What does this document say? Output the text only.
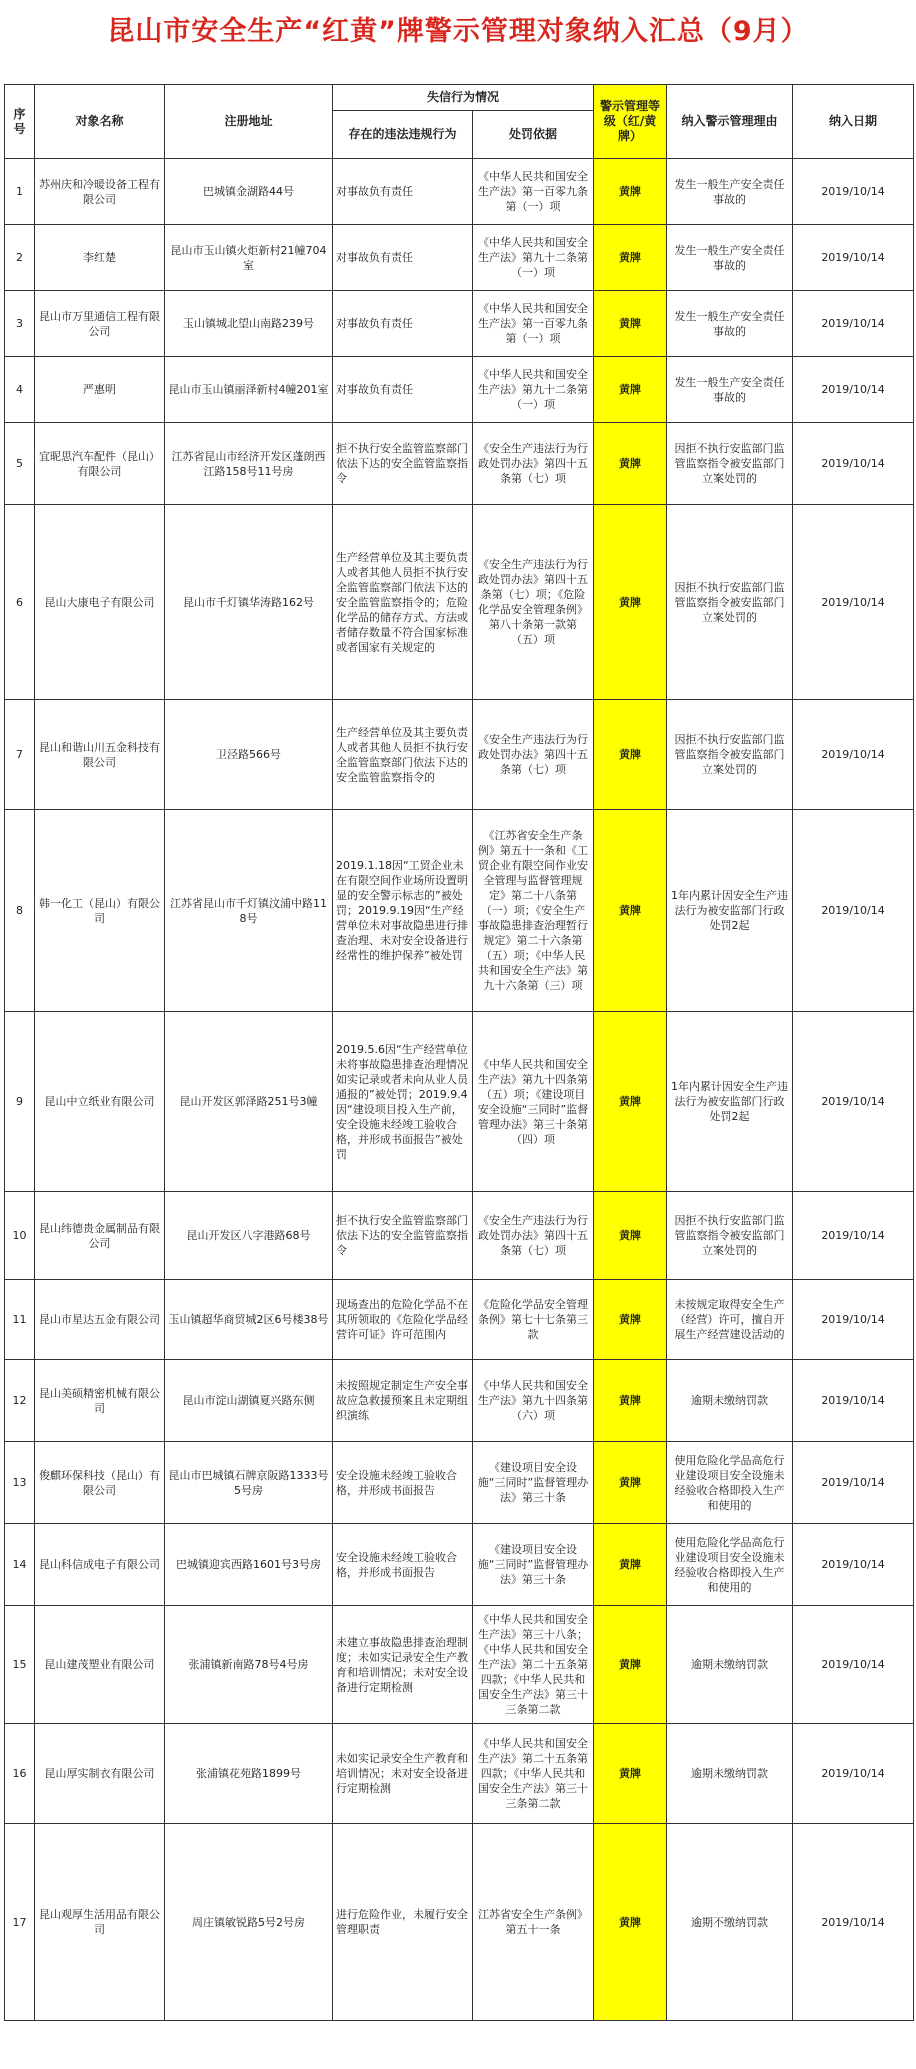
昆山市安全生产“红黄”牌警示管理对象纳入汇总（9月）
序号	对象名称	注册地址	失信行为情况		警示管理等级（红/黄牌）	纳入警示管理理由	纳入日期
			存在的违法违规行为	处罚依据			
1	苏州庆和冷暖设备工程有限公司	巴城镇金湖路44号	对事故负有责任	《中华人民共和国安全生产法》第一百零九条第（一）项	黄牌	发生一般生产安全责任事故的	2019/10/14
2	李红楚	昆山市玉山镇火炬新村21幢704室	对事故负有责任	《中华人民共和国安全生产法》第九十二条第（一）项	黄牌	发生一般生产安全责任事故的	2019/10/14
3	昆山市万里通信工程有限公司	玉山镇城北望山南路239号	对事故负有责任	《中华人民共和国安全生产法》第一百零九条第（一）项	黄牌	发生一般生产安全责任事故的	2019/10/14
4	严惠明	昆山市玉山镇丽泽新村4幢201室	对事故负有责任	《中华人民共和国安全生产法》第九十二条第（一）项	黄牌	发生一般生产安全责任事故的	2019/10/14
5	宜昵思汽车配件（昆山）有限公司	江苏省昆山市经济开发区蓬朗西江路158号11号房	拒不执行安全监管监察部门依法下达的安全监管监察指令	《安全生产违法行为行政处罚办法》第四十五条第（七）项	黄牌	因拒不执行安监部门监管监察指令被安监部门立案处罚的	2019/10/14
6	昆山大康电子有限公司	昆山市千灯镇华涛路162号	生产经营单位及其主要负责人或者其他人员拒不执行安全监管监察部门依法下达的安全监管监察指令的；危险化学品的储存方式、方法或者储存数量不符合国家标准或者国家有关规定的	《安全生产违法行为行政处罚办法》第四十五条第（七）项；《危险化学品安全管理条例》第八十条第一款第（五）项	黄牌	因拒不执行安监部门监管监察指令被安监部门立案处罚的	2019/10/14
7	昆山和谐山川五金科技有限公司	卫泾路566号	生产经营单位及其主要负责人或者其他人员拒不执行安全监管监察部门依法下达的安全监管监察指令的	《安全生产违法行为行政处罚办法》第四十五条第（七）项	黄牌	因拒不执行安监部门监管监察指令被安监部门立案处罚的	2019/10/14
8	韩一化工（昆山）有限公司	江苏省昆山市千灯镇汶浦中路118号	2019.1.18因“工贸企业未在有限空间作业场所设置明显的安全警示标志的”被处罚；2019.9.19因“生产经营单位未对事故隐患进行排查治理、未对安全设备进行经常性的维护保养”被处罚	《江苏省安全生产条例》第五十一条和《工贸企业有限空间作业安全管理与监督管理规定》第二十八条第（一）项；《安全生产事故隐患排查治理暂行规定》第二十六条第（五）项；《中华人民共和国安全生产法》第九十六条第（三）项	黄牌	1年内累计因安全生产违法行为被安监部门行政处罚2起	2019/10/14
9	昆山中立纸业有限公司	昆山开发区郭泽路251号3幢	2019.5.6因“生产经营单位未将事故隐患排查治理情况如实记录或者未向从业人员通报的”被处罚；2019.9.4因“建设项目投入生产前，安全设施未经竣工验收合格，并形成书面报告”被处罚	《中华人民共和国安全生产法》第九十四条第（五）项；《建设项目安全设施“三同时”监督管理办法》第三十条第（四）项	黄牌	1年内累计因安全生产违法行为被安监部门行政处罚2起	2019/10/14
10	昆山纬德贵金属制品有限公司	昆山开发区八字港路68号	拒不执行安全监管监察部门依法下达的安全监管监察指令	《安全生产违法行为行政处罚办法》第四十五条第（七）项	黄牌	因拒不执行安监部门监管监察指令被安监部门立案处罚的	2019/10/14
11	昆山市星达五金有限公司	玉山镇超华商贸城2区6号楼38号	现场查出的危险化学品不在其所领取的《危险化学品经营许可证》许可范围内	《危险化学品安全管理条例》第七十七条第三款	黄牌	未按规定取得安全生产（经营）许可，擅自开展生产经营建设活动的	2019/10/14
12	昆山美硕精密机械有限公司	昆山市淀山湖镇夏兴路东侧	未按照规定制定生产安全事故应急救援预案且未定期组织演练	《中华人民共和国安全生产法》第九十四条第（六）项	黄牌	逾期未缴纳罚款	2019/10/14
13	俊麒环保科技（昆山）有限公司	昆山市巴城镇石牌京阪路1333号5号房	安全设施未经竣工验收合格，并形成书面报告	《建设项目安全设施“三同时”监督管理办法》第三十条	黄牌	使用危险化学品高危行业建设项目安全设施未经验收合格即投入生产和使用的	2019/10/14
14	昆山科信成电子有限公司	巴城镇迎宾西路1601号3号房	安全设施未经竣工验收合格，并形成书面报告	《建设项目安全设施“三同时”监督管理办法》第三十条	黄牌	使用危险化学品高危行业建设项目安全设施未经验收合格即投入生产和使用的	2019/10/14
15	昆山建茂塑业有限公司	张浦镇新南路78号4号房	未建立事故隐患排查治理制度；未如实记录安全生产教育和培训情况；未对安全设备进行定期检测	《中华人民共和国安全生产法》第三十八条；《中华人民共和国安全生产法》第二十五条第四款；《中华人民共和国安全生产法》第三十三条第二款	黄牌	逾期未缴纳罚款	2019/10/14
16	昆山厚实制衣有限公司	张浦镇花苑路1899号	未如实记录安全生产教育和培训情况；未对安全设备进行定期检测	《中华人民共和国安全生产法》第二十五条第四款；《中华人民共和国安全生产法》第三十三条第二款	黄牌	逾期未缴纳罚款	2019/10/14
17	昆山观厚生活用品有限公司	周庄镇敏锐路5号2号房	进行危险作业，未履行安全管理职责	江苏省安全生产条例》第五十一条	黄牌	逾期不缴纳罚款	2019/10/14
